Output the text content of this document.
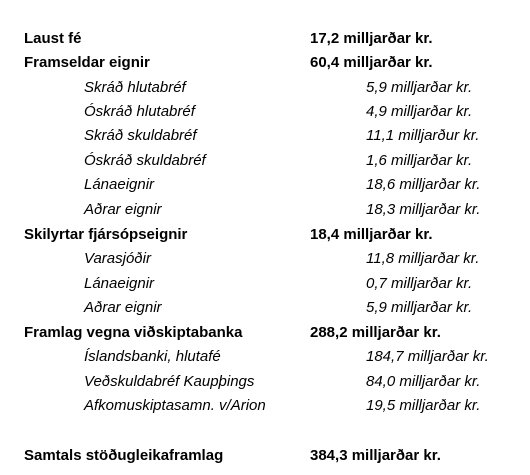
Laust fé	17,2 milljarðar kr.
Framseldar eignir	60,4 milljarðar kr.
Skráð hlutabréf	5,9 milljarðar kr.
Óskráð hlutabréf	4,9 milljarðar kr.
Skráð skuldabréf	11,1 milljarður kr.
Óskráð skuldabréf	1,6 milljarðar kr.
Lánaeignir	18,6 milljarðar kr.
Aðrar eignir	18,3 milljarðar kr.
Skilyrtar fjársópseignir	18,4 milljarðar kr.
Varasjóðir	11,8 milljarðar kr.
Lánaeignir	0,7 milljarðar kr.
Aðrar eignir	5,9 milljarðar kr.
Framlag vegna viðskiptabanka	288,2 milljarðar kr.
Íslandsbanki, hlutafé	184,7 milljarðar kr.
Veðskuldabréf Kaupþings	84,0 milljarðar kr.
Afkomuskiptasamn. v/Arion	19,5 milljarðar kr.
Samtals stöðugleikaframlag	384,3 milljarðar kr.
